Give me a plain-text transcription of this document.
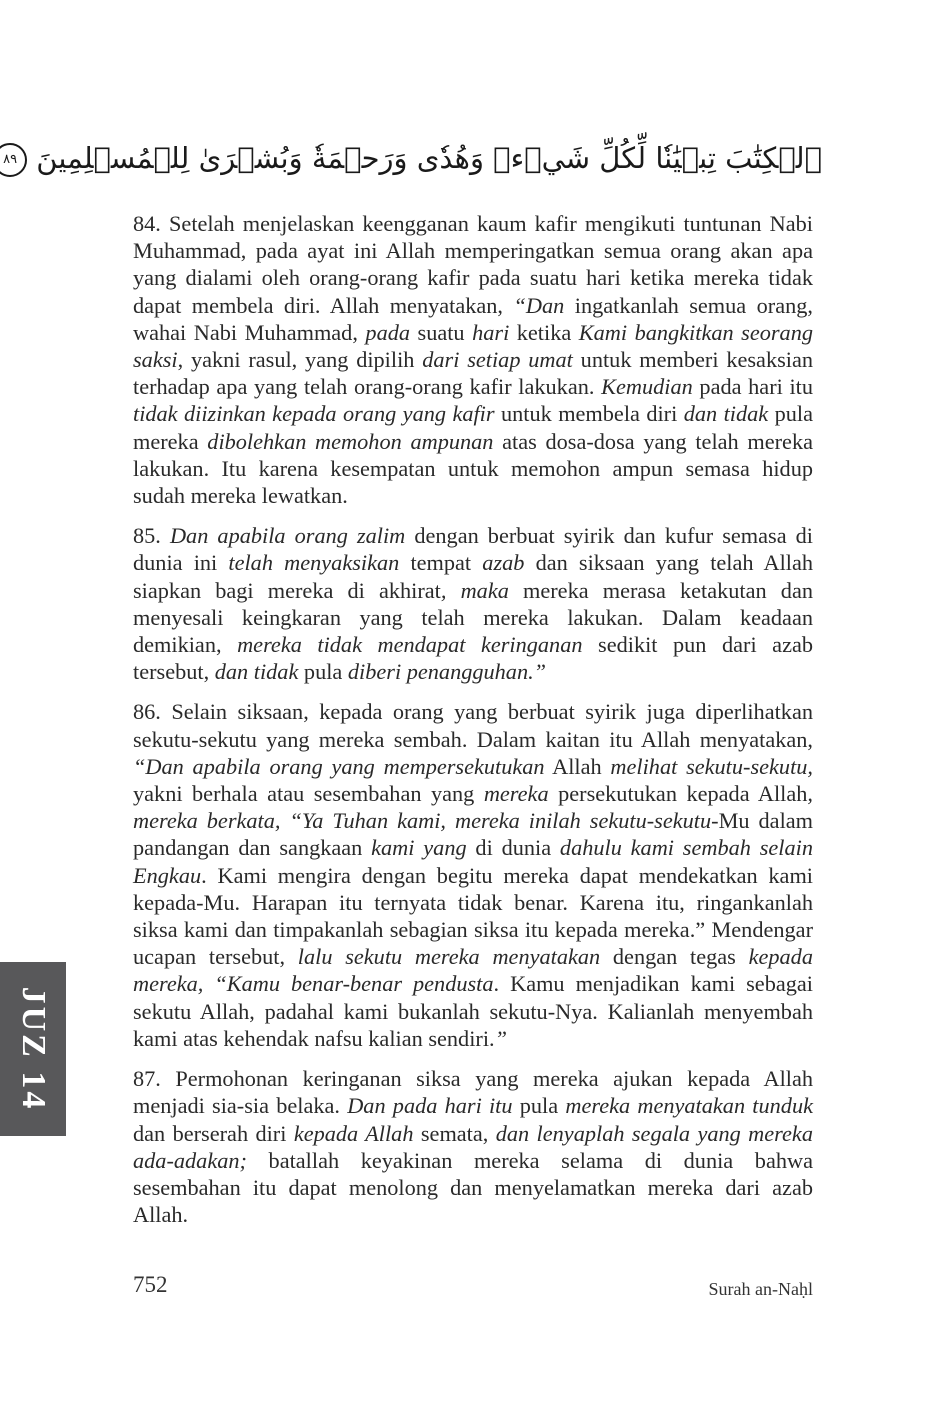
ٱلۡكِتَٰبَ تِبۡيَٰنٗا لِّكُلِّ شَيۡءٖ وَهُدٗى وَرَحۡمَةٗ وَبُشۡرَىٰ لِلۡمُسۡلِمِينَ ٨٩

84. Setelah menjelaskan keengganan kaum kafir mengikuti tuntunan Nabi Muhammad, pada ayat ini Allah memperingatkan semua orang akan apa yang dialami oleh orang-orang kafir pada suatu hari ketika mereka tidak dapat membela diri. Allah menyatakan, “Dan ingatkanlah semua orang, wahai Nabi Muhammad, pada suatu hari ketika Kami bangkitkan seorang saksi, yakni rasul, yang dipilih dari setiap umat untuk memberi kesaksian terhadap apa yang telah orang-orang kafir lakukan. Kemudian pada hari itu tidak diizinkan kepada orang yang kafir untuk membela diri dan tidak pula mereka dibolehkan memohon ampunan atas dosa-dosa yang telah mereka lakukan. Itu karena kesempatan untuk memohon ampun semasa hidup sudah mereka lewatkan.

85. Dan apabila orang zalim dengan berbuat syirik dan kufur semasa di dunia ini telah menyaksikan tempat azab dan siksaan yang telah Allah siapkan bagi mereka di akhirat, maka mereka merasa ketakutan dan menyesali keingkaran yang telah mereka lakukan. Dalam keadaan demikian, mereka tidak mendapat keringanan sedikit pun dari azab tersebut, dan tidak pula diberi penangguhan.”

86. Selain siksaan, kepada orang yang berbuat syirik juga diperlihatkan sekutu-sekutu yang mereka sembah. Dalam kaitan itu Allah menyatakan, “Dan apabila orang yang mempersekutukan Allah melihat sekutu-sekutu, yakni berhala atau sesembahan yang mereka persekutukan kepada Allah, mereka berkata, “Ya Tuhan kami, mereka inilah sekutu-sekutu-Mu dalam pandangan dan sangkaan kami yang di dunia dahulu kami sembah selain Engkau. Kami mengira dengan begitu mereka dapat mendekatkan kami kepada-Mu. Harapan itu ternyata tidak benar. Karena itu, ringankanlah siksa kami dan timpakanlah sebagian siksa itu kepada mereka.” Mendengar ucapan tersebut, lalu sekutu mereka menyatakan dengan tegas kepada mereka, “Kamu benar-benar pendusta. Kamu menjadikan kami sebagai sekutu Allah, padahal kami bukanlah sekutu-Nya. Kalianlah menyembah kami atas kehendak nafsu kalian sendiri.”

87. Permohonan keringanan siksa yang mereka ajukan kepada Allah menjadi sia-sia belaka. Dan pada hari itu pula mereka menyatakan tunduk dan berserah diri kepada Allah semata, dan lenyaplah segala yang mereka ada-adakan; batallah keyakinan mereka selama di dunia bahwa sesembahan itu dapat menolong dan menyelamatkan mereka dari azab Allah.

JUZ 14
752	Surah an-Naḥl
